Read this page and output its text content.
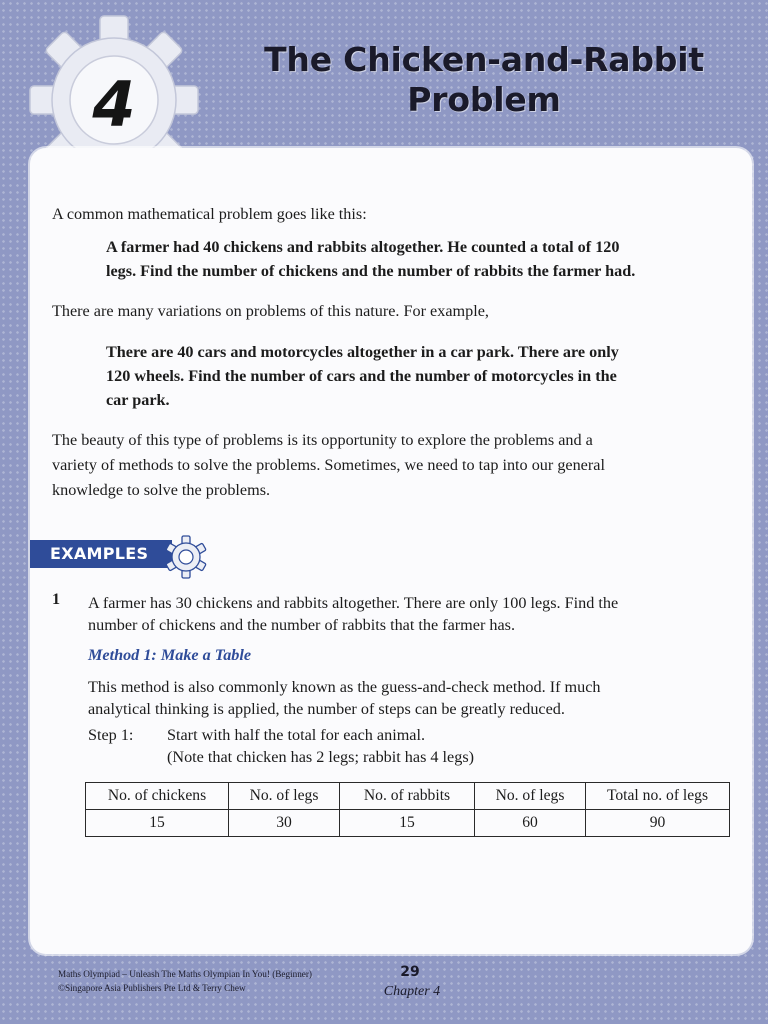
4
The Chicken-and-Rabbit
Problem

A common mathematical problem goes like this:

A farmer had 40 chickens and rabbits altogether. He counted a total of 120

legs. Find the number of chickens and the number of rabbits the farmer had.

There are many variations on problems of this nature. For example,

There are 40 cars and motorcycles altogether in a car park. There are only

120 wheels. Find the number of cars and the number of motorcycles in the

car park.

The beauty of this type of problems is its opportunity to explore the problems and a

variety of methods to solve the problems. Sometimes, we need to tap into our general

knowledge to solve the problems.

EXAMPLES
1 A farmer has 30 chickens and rabbits altogether. There are only 100 legs. Find the

number of chickens and the number of rabbits that the farmer has.

Method 1: Make a Table

This method is also commonly known as the guess-and-check method. If much

analytical thinking is applied, the number of steps can be greatly reduced.

Step 1: Start with half the total for each animal.
(Note that chicken has 2 legs; rabbit has 4 legs)
No. of chickens	No. of legs	No. of rabbits	No. of legs	Total no. of legs
15	30	15	60	90
Maths Olympiad – Unleash The Maths Olympian In You! (Beginner)
©Singapore Asia Publishers Pte Ltd & Terry Chew
29
Chapter 4
